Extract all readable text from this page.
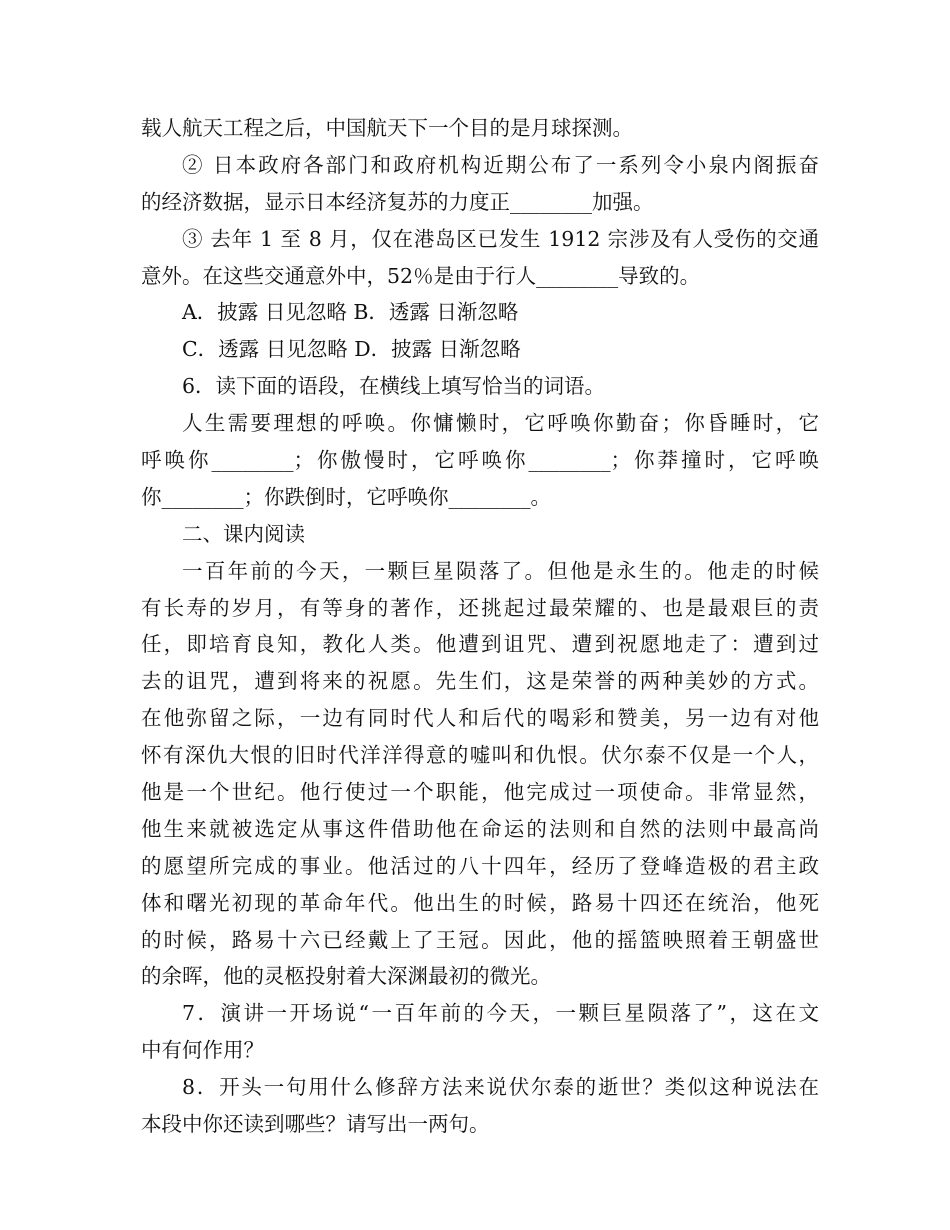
载人航天工程之后，中国航天下一个目的是月球探测。
② 日本政府各部门和政府机构近期公布了一系列令小泉内阁振奋
的经济数据，显示日本经济复苏的力度正________加强。
③ 去年 1 至 8 月，仅在港岛区已发生 1912 宗涉及有人受伤的交通
意外。在这些交通意外中，52％是由于行人________导致的。
A．披露 日见忽略 B．透露 日渐忽略
C．透露 日见忽略 D．披露 日渐忽略
6．读下面的语段，在横线上填写恰当的词语。
人生需要理想的呼唤。你慵懒时，它呼唤你勤奋；你昏睡时，它
呼唤你________；你傲慢时，它呼唤你________；你莽撞时，它呼唤
你________；你跌倒时，它呼唤你________。
二、课内阅读
一百年前的今天，一颗巨星陨落了。但他是永生的。他走的时候
有长寿的岁月，有等身的著作，还挑起过最荣耀的、也是最艰巨的责
任，即培育良知，教化人类。他遭到诅咒、遭到祝愿地走了：遭到过
去的诅咒，遭到将来的祝愿。先生们，这是荣誉的两种美妙的方式。
在他弥留之际，一边有同时代人和后代的喝彩和赞美，另一边有对他
怀有深仇大恨的旧时代洋洋得意的嘘叫和仇恨。伏尔泰不仅是一个人，
他是一个世纪。他行使过一个职能，他完成过一项使命。非常显然，
他生来就被选定从事这件借助他在命运的法则和自然的法则中最高尚
的愿望所完成的事业。他活过的八十四年，经历了登峰造极的君主政
体和曙光初现的革命年代。他出生的时候，路易十四还在统治，他死
的时候，路易十六已经戴上了王冠。因此，他的摇篮映照着王朝盛世
的余晖，他的灵柩投射着大深渊最初的微光。
7．演讲一开场说“一百年前的今天，一颗巨星陨落了”，这在文
中有何作用？
8．开头一句用什么修辞方法来说伏尔泰的逝世？类似这种说法在
本段中你还读到哪些？请写出一两句。
